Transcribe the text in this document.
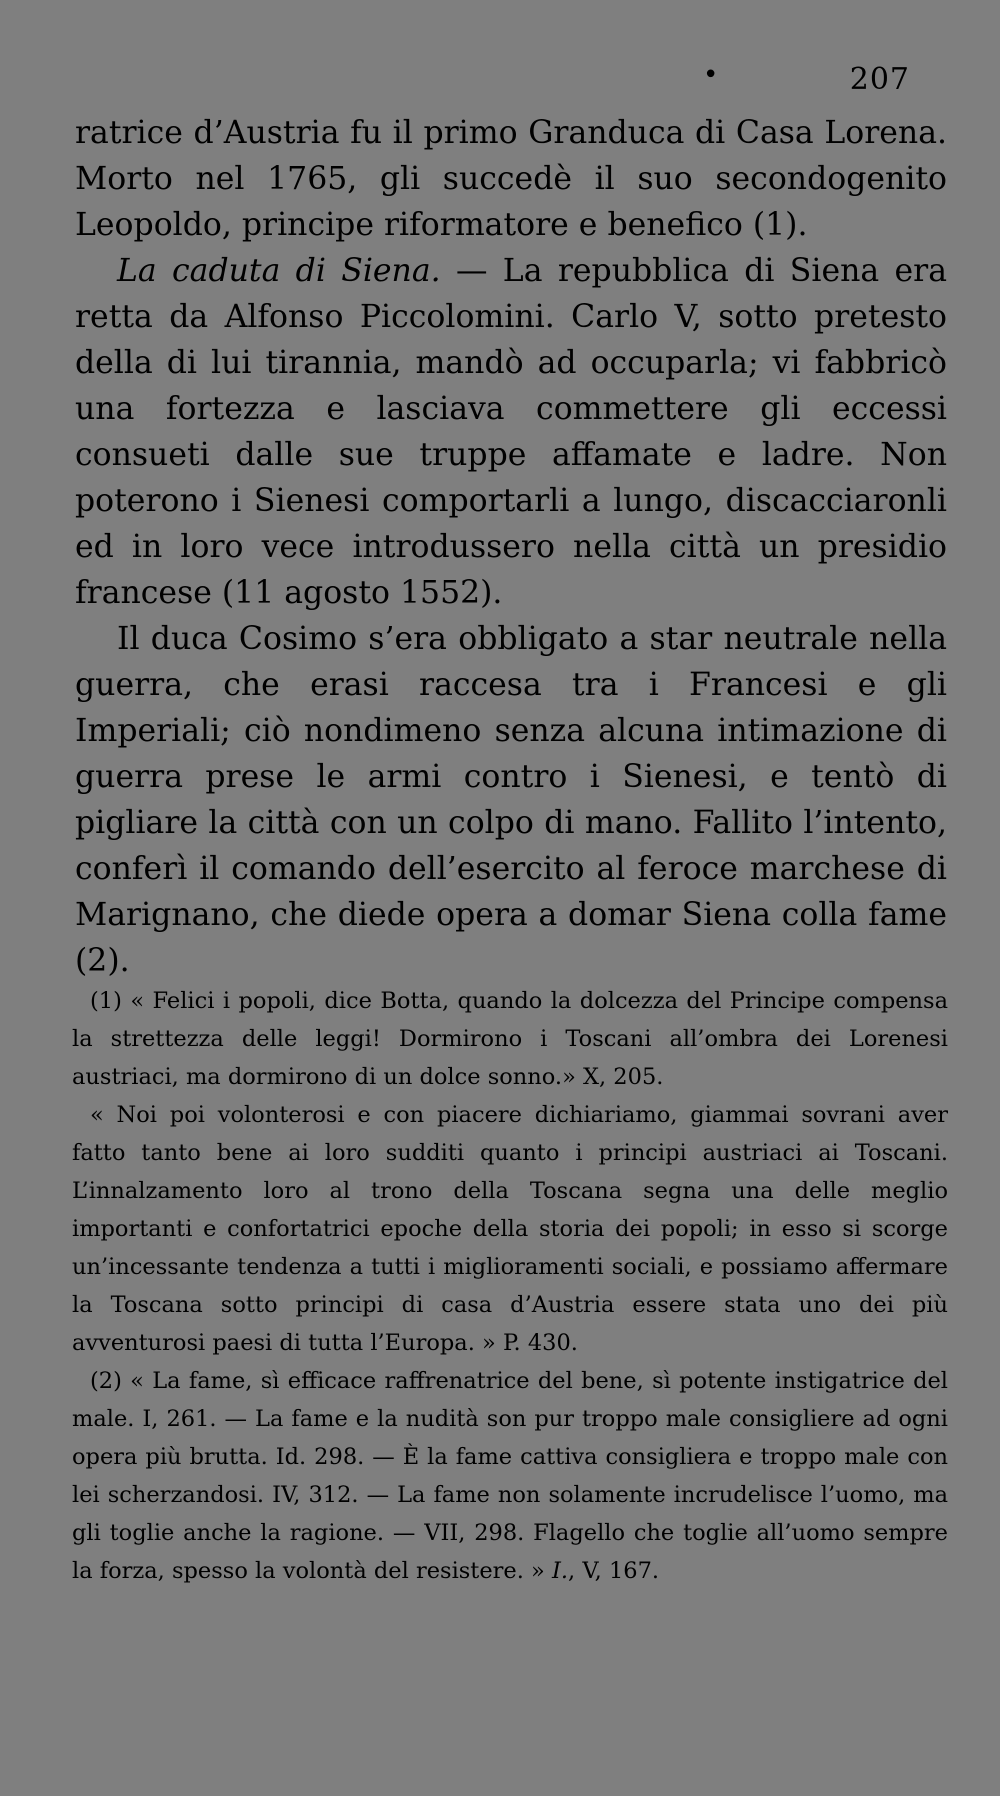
•	207

ratrice d’Austria fu il primo Granduca di Casa Lorena. Morto nel 1765, gli succedè il suo secondogenito Leopoldo, principe riformatore e benefico (1).

La caduta di Siena. — La repubblica di Siena era retta da Alfonso Piccolomini. Carlo V, sotto pretesto della di lui tirannia, mandò ad occuparla; vi fabbricò una fortezza e lasciava commettere gli eccessi consueti dalle sue truppe affamate e ladre. Non poterono i Sienesi comportarli a lungo, discacciaronli ed in loro vece introdussero nella città un presidio francese (11 agosto 1552).

Il duca Cosimo s’era obbligato a star neutrale nella guerra, che erasi raccesa tra i Francesi e gli Imperiali; ciò nondimeno senza alcuna intimazione di guerra prese le armi contro i Sienesi, e tentò di pigliare la città con un colpo di mano. Fallito l’intento, conferì il comando dell’esercito al feroce marchese di Marignano, che diede opera a domar Siena colla fame (2).

(1) « Felici i popoli, dice Botta, quando la dolcezza del Principe compensa la strettezza delle leggi! Dormirono i Toscani all’ombra dei Lorenesi austriaci, ma dormirono di un dolce sonno.» X, 205.

« Noi poi volonterosi e con piacere dichiariamo, giammai sovrani aver fatto tanto bene ai loro sudditi quanto i principi austriaci ai Toscani. L’innalzamento loro al trono della Toscana segna una delle meglio importanti e confortatrici epoche della storia dei popoli; in esso si scorge un’incessante tendenza a tutti i miglioramenti sociali, e possiamo affermare la Toscana sotto principi di casa d’Austria essere stata uno dei più avventurosi paesi di tutta l’Europa. » P. 430.

(2) « La fame, sì efficace raffrenatrice del bene, sì potente instigatrice del male. I, 261. — La fame e la nudità son pur troppo male consigliere ad ogni opera più brutta. Id. 298. — È la fame cattiva consigliera e troppo male con lei scherzandosi. IV, 312. — La fame non solamente incrudelisce l’uomo, ma gli toglie anche la ragione. — VII, 298. Flagello che toglie all’uomo sempre la forza, spesso la volontà del resistere. » I., V, 167.
